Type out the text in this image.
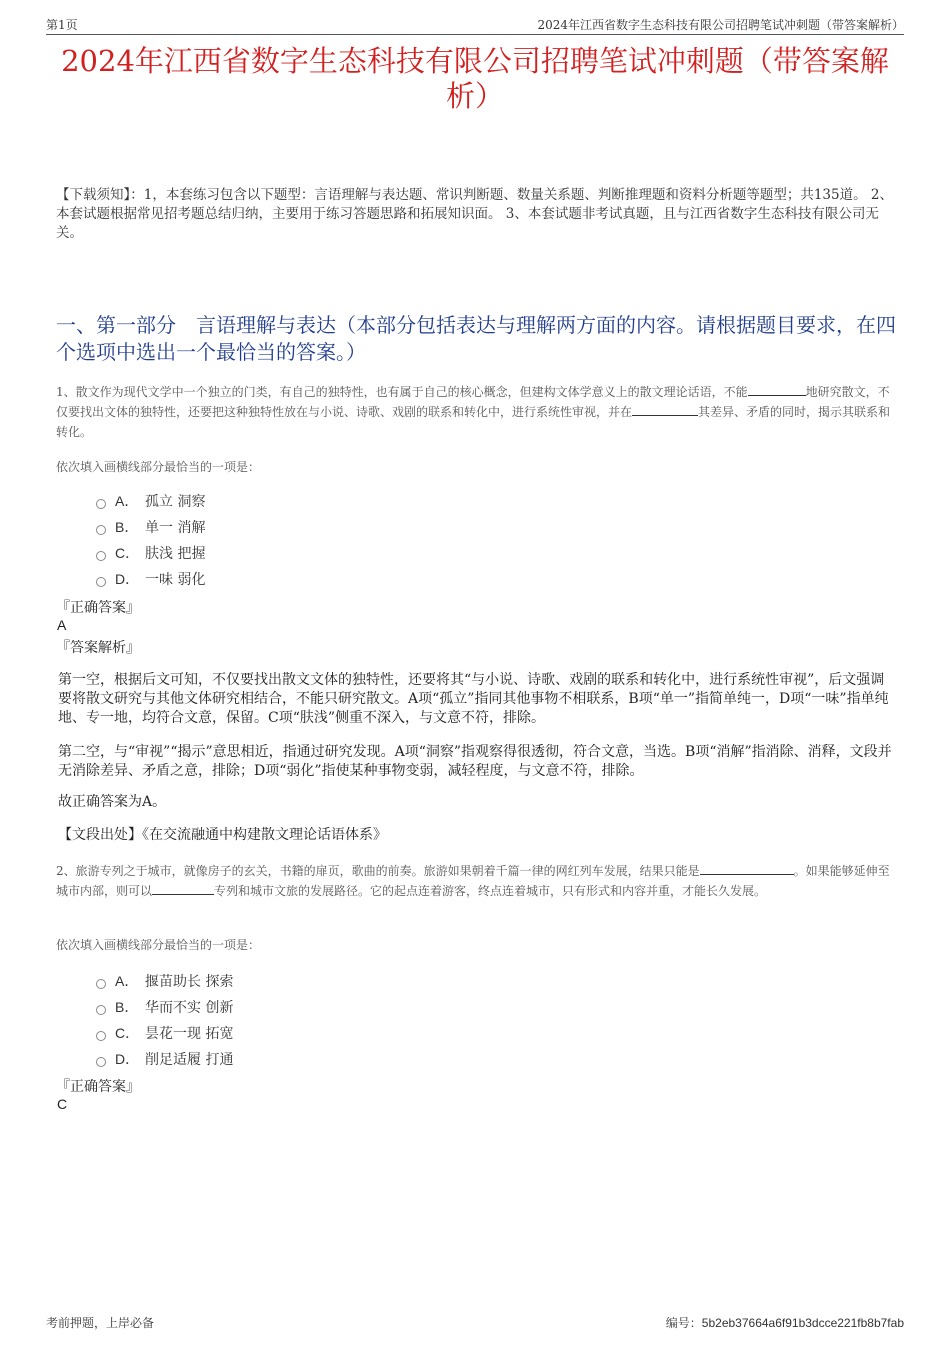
第1页	2024年江西省数字生态科技有限公司招聘笔试冲刺题（带答案解析）
2024年江西省数字生态科技有限公司招聘笔试冲刺题（带答案解析）
【下载须知】：1，本套练习包含以下题型：言语理解与表达题、常识判断题、数量关系题、判断推理题和资料分析题等题型；共135道。 2、本套试题根据常见招考题总结归纳，主要用于练习答题思路和拓展知识面。 3、本套试题非考试真题，且与江西省数字生态科技有限公司无关。
一、第一部分　言语理解与表达（本部分包括表达与理解两方面的内容。请根据题目要求，在四个选项中选出一个最恰当的答案。）
1、散文作为现代文学中一个独立的门类，有自己的独特性，也有属于自己的核心概念，但建构文体学意义上的散文理论话语，不能	地研究散文，不仅要找出文体的独特性，还要把这种独特性放在与小说、诗歌、戏剧的联系和转化中，进行系统性审视，并在	其差异、矛盾的同时，揭示其联系和转化。
依次填入画横线部分最恰当的一项是：
A． 孤立 洞察
B． 单一 消解
C． 肤浅 把握
D． 一味 弱化
『正确答案』
A
『答案解析』
第一空，根据后文可知，不仅要找出散文文体的独特性，还要将其“与小说、诗歌、戏剧的联系和转化中，进行系统性审视”，后文强调要将散文研究与其他文体研究相结合，不能只研究散文。A项“孤立”指同其他事物不相联系，B项“单一”指简单纯一，D项“一味”指单纯地、专一地，均符合文意，保留。C项“肤浅”侧重不深入，与文意不符，排除。
第二空，与“审视”“揭示”意思相近，指通过研究发现。A项“洞察”指观察得很透彻，符合文意，当选。B项“消解”指消除、消释，文段并无消除差异、矛盾之意，排除；D项“弱化”指使某种事物变弱，减轻程度，与文意不符，排除。
故正确答案为A。
【文段出处】《在交流融通中构建散文理论话语体系》
2、旅游专列之于城市，就像房子的玄关，书籍的扉页，歌曲的前奏。旅游如果朝着千篇一律的网红列车发展，结果只能是	。如果能够延伸至城市内部，则可以	专列和城市文旅的发展路径。它的起点连着游客，终点连着城市，只有形式和内容并重，才能长久发展。
依次填入画横线部分最恰当的一项是：
A． 揠苗助长 探索
B． 华而不实 创新
C． 昙花一现 拓宽
D． 削足适履 打通
『正确答案』
C
考前押题，上岸必备	编号：5b2eb37664a6f91b3dcce221fb8b7fab
